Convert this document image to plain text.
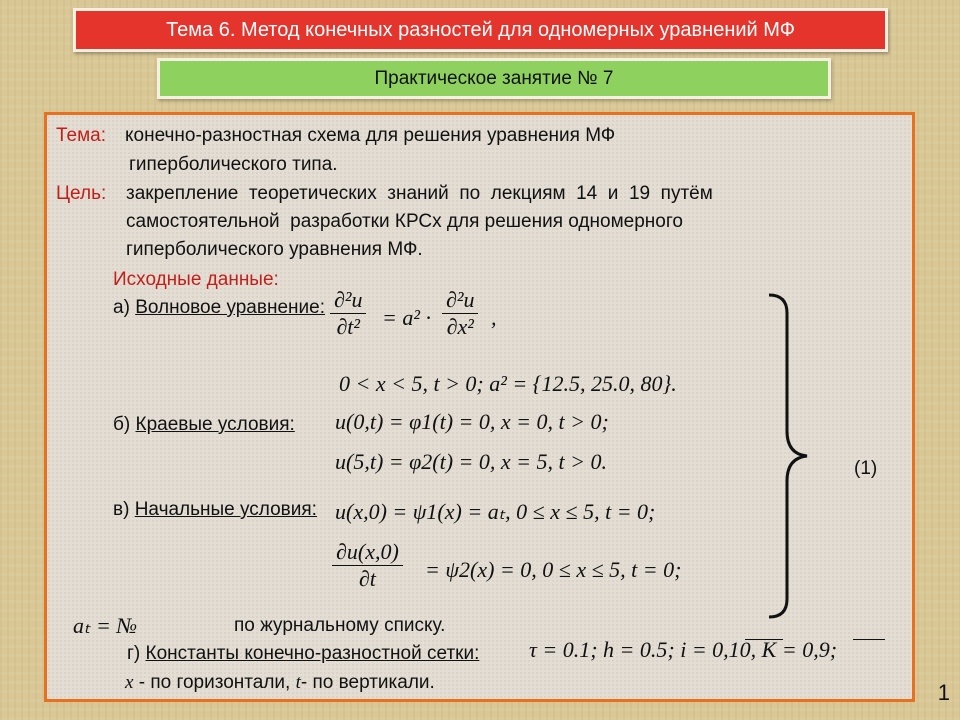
Тема 6. Метод конечных разностей для одномерных уравнений МФ
Практическое занятие № 7
Тема: конечно-разностная схема для решения уравнения МФ
гиперболического типа.
Цель: закрепление  теоретических  знаний  по  лекциям  14  и  19  путём
самостоятельной  разработки КРСх для решения одномерного
гиперболического уравнения МФ.
Исходные данные:
а) Волновое уравнение: $\frac{\text{∂²u}}{\text{∂t²}} = a^2 \cdot \frac{\text{∂²u}}{\text{∂x²}}$ ,
0 < x < 5, t > 0; a² = {12.5, 25.0, 80}.
б) Краевые условия: u(0,t) = φ1(t) = 0, x = 0, t > 0;
u(5,t) = φ2(t) = 0, x = 5, t > 0.
в) Начальные условия: u(x,0) = ψ1(x) = aₜ, 0 ≤ x ≤ 5, t = 0;
$\frac{\partial u(x,0)}{\partial t} = \psi 2(x) = 0$, 0 ≤ x ≤ 5, t = 0;
(1)
aₜ = №	по журнальному списку.
г) Константы конечно-разностной сетки: τ = 0.1; h = 0.5; i = 0,10, K = 0,9;
x - по горизонтали, t- по вертикали.	1
